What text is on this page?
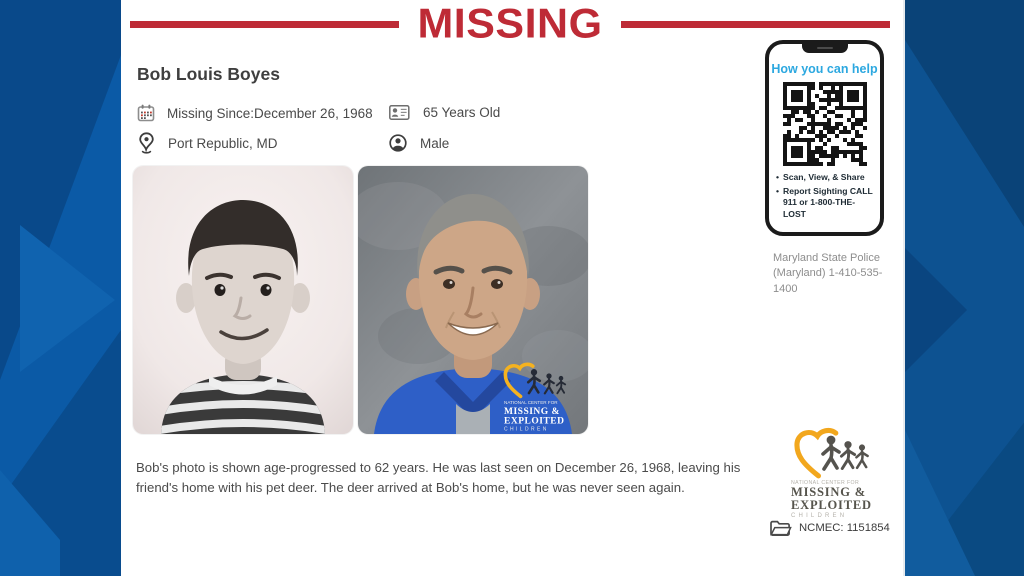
MISSING
Bob Louis Boyes
Missing Since:December 26, 1968	65 Years Old
Port Republic, MD	Male
NATIONAL CENTER FOR
MISSING &
EXPLOITED
CHILDREN

Bob's photo is shown age-progressed to 62 years. He was last seen on December 26, 1968, leaving his friend's home with his pet deer. The deer arrived at Bob's home, but he was never seen again.

How you can help
• Scan, View, & Share
• Report Sighting CALL 911 or 1-800-THE-LOST
Maryland State Police (Maryland) 1-410-535-1400
NATIONAL CENTER FOR
MISSING &
EXPLOITED
CHILDREN
NCMEC: 1151854
